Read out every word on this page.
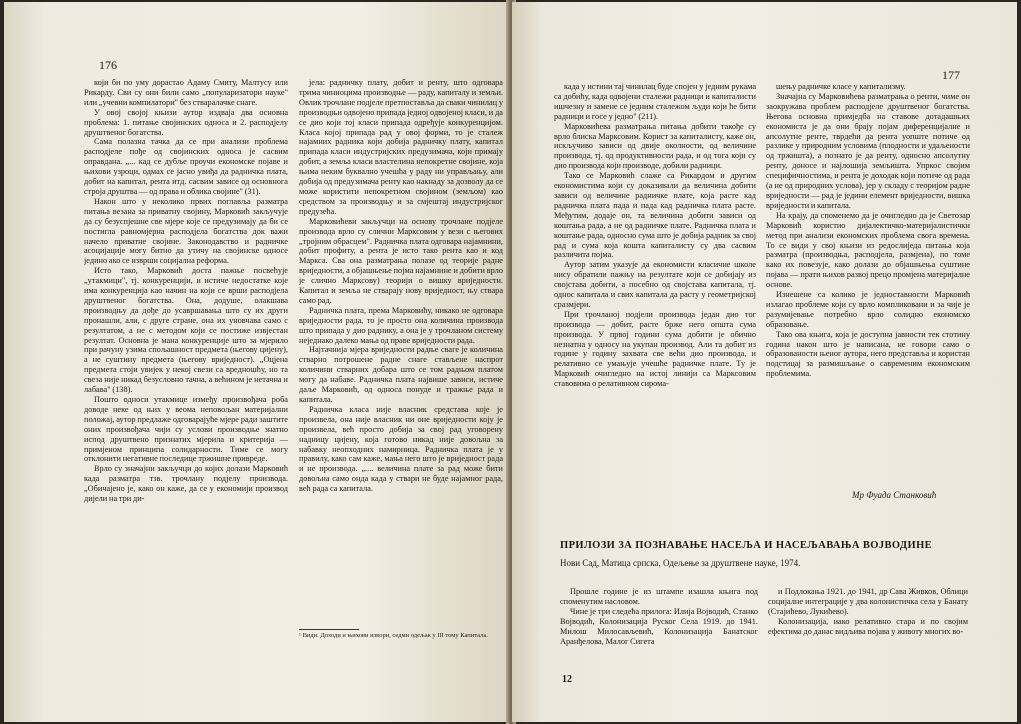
176

који би по уму дорастао Адаму Смиту, Малтусу или Рикарду. Сви су они били само „популаризатори науке" или „учевни компилатори" без стваралачке снаге.

У овој својој књизи аутор издваја два основна проблема: 1. питање својинских односа и 2. расподјелу друштвеног богатства.

Сама полазна тачка да се при анализи проблема расподјеле пође од својинских односа је сасвим оправдана. „... кад се дубље проучи економске појаве и њихови узроци, одмах се јасно увиђа да радничка плата, добит на капитал, рента итд. сасвим зависе од основнога строја друштва — од права и облика својине" (31).

Након што у неколико првих поглавља разматра питања везана за приватну својину, Марковић закључује да су безуспјешне све мјере које се предузимају да би се постигла равномјерна расподјела богатства док важи начело приватне својине. Законодавство и радничке асоцијације могу битно да утичу на својинске односе једино ако се изврши социјална реформа.

Исто тако, Марковић доста пажње посвећује „утакмици", тј. конкуренцији, и истиче недостатке које има конкуренција као начин на који се врши расподјела друштвеног богатства. Она, додуше, олакшава производњу да дође до усавршавања што су их други пронашли, али, с друге стране, она их уновчава само с резултатом, а не с методом који се постиже извјестан резултат. Основна је мана конкуренције што за мјерило при рачуну узима спољашност предмета (његову цијену), а не суштину предмета (његову вриједност). „Оцјена предмета стоји увијек у некој свези са вредношћу, но та свеза није никад безусловно тачна, а већином је нетачна и лабава" (138).

Пошто односи утакмице између произвођача роба доводе неке од њих у веома неповољан материјални положај, аутор предлаже одговарајуће мјере ради заштите оних произвођача чији су услови производње знатно испод друштвено признатих мјерила и критерија — примјеном принципа солидарности. Тиме се могу отклонити негативне последице тржишне привреде.

Врло су значајни закључци до којих долази Марковић када разматра тзв. трочлану подјелу производа. „Обичајено је, како он каже, да се у економији производ дијели на три ди-

јела: радничку плату, добит и ренту, што одговара трима чиниоцима производње — раду, капиталу и земљи. Овлик трочлане подјеле претпоставља да сваки чинилац у производњи одвојено припада једној одвојеној класи, и да се дио који тој класи припада одређује конкуренцијом. Класа којој припада рад у овој форми, то је сталеж најамних радника који добија радничку плату, капитал припада класи индустријских предузимача, који примају добит, а земља класи властелина непокретне својине, која њима неким буквално учешћа у раду ни управљању, али добија од предузимача ренту као накнаду за дозволу да се може користити непокретном својином (земљом) као средством за производњу и за смјештај индустријског предузећа.

Марковићеви закључци на основу трочлане подјеле производа врло су слични Марксовим у вези с његових „тројним обрасцем". Радничка плата одговара најамнини, добит профиту, а рента је исто тако рента као и код Маркса. Сва она разматрања полазе од теорије радне вриједности, а објашњење појма најамнине и добити врло је слично Марксову) теорији о вишку вриједности. Капитал и земља не стварају нову вриједност, њу ствара само рад.

Радничка плата, према Марковићу, никако не одговара вриједности рада, то је просто она количина производа што припада у дио раднику, а она је у трочланом систему неједнако далеко мања од праве вриједности рада.

Најтачнија мјера вриједности радње сваге је количина стварно потрошене радне снаге стављене наспрот количини стварних добара што се том радњом платом могу да набаве. Радничка плата највише зависи, истиче даље Марковић, од односа понуде и тражње рада и капитала.

Радничка класа није власник средстава које је произвела, она није власник ни оне вриједности коју је произвела, већ просто добија за свој рад уговорену надницу цијену, која готово никад није довољна за набавку неопходних намирница. Радничка плата је у правилу, како сам каже, мања него што је вриједност рада и не производа. „.... величина плате за рад може бити довољна само онда када у ствари не буде најамног рада, већ рада са капитала.

¹ Види. Доходи и њихови извори, седми одељак у III тому Капитала.
177

када у истини тај чинилац буде спојен у једним рукама са добићу, када одвојени сталежи радници и капиталисти ишчезну и замене се једним сталежом људи који ће бити радници и госе у једно" (211).

Марковићева разматрања питања добити такође су врло блиска Марксовим. Корист за капиталисту, каже он, искључиво зависи од двије околности, од величине производа, тј. од продуктивности рада, и од тога који су дио производа који производе, добили радници.

Тако се Марковић слаже са Рикардом и другим економистима који су доказивали да величина добити зависи од величине радничке плате, која расте кад радничка плата пада и пада кад радничка плата расте. Међутим, додаје он, та величина добити зависи од коштања рада, а не од радничке плате. Радничка плата и коштање рада, односно сума што је добија радник за свој рад и сума која кошта капиталисту су два сасвим различита појма.

Аутор затим указује да економисти класичне школе нису обратили пажњу на резултате који се добијају из својстава добити, а посебно од својстава капитала, тј. однос капитала и свих капитала да расту у геометријској сразмјери.

При трочланој подјели производа један дио тог производа — добит, расте брже него општа сума производа. У првој години сума добити је обично незнатна у односу на укупан производ. Али та добит из године у годину захвата све већи дио производа, и релативно се умањује учешће радничке плате. Ту је Марковић очигледно на истој линији са Марксовим ставовима о релативном сирома-

шењу радничке класе у капитализму.

Значајна су Марковићева разматрања о ренти, чиме он заокружава проблем расподјеле друштвеног богатства. Његова основна примједба на ставове дотадашњих економиста је да они брају појам диференцијалне и апсолутне ренте, тврдећи да рента уопште потиче од разлике у природним условима (плодности и удаљености од тржишта), а познато је да ренту, односно апсолутну ренту, доносе и најлошија земљишта. Упркос својим специфичностима, и рента је доходак који потиче од рада (а не од природних услова), јер у складу с теоријом радне вриједности — рад је једини елемент вриједности, вишка вриједности и капитала.

На крају, да споменемо да је очигледно да је Светозар Марковић користио дијалектичко-материјалистички метод при анализи економских проблема свога времена. То се види у свој књизи из редослиједа питања која разматра (производња, расподјела, размјена), по томе како их повезује, како долази до објашњења суштине појава — прати њихов развој прецо промјена материјалне основе.

Изнешене са колико је једноставности Марковић излагао проблеме који су врло компликовани и за чије је разумијевање потребно врло солидно економско образовање.

Тако ова књига, која је доступна јавности тек стотину година након што је написана, не говори само о образованости њеног аутора, него представља и користан подстицај за размишљање о савременим економским проблемима.

Мр Фуада Станковић
ПРИЛОЗИ ЗА ПОЗНАВАЊЕ НАСЕЉА И НАСЕЉАВАЊА ВОЈВОДИНЕ
Нови Сад, Матица српска, Одељење за друштвене науке, 1974.

Прошле године је из штампе изашла књига под споменутим насловом.

Чине је три следећа прилога: Илија Војводић, Станко Војводић, Колонизација Руског Села 1919. до 1941. Милош Милосављевић, Колонизација Банатског Аранђелова, Малог Сигета

и Подлокања 1921. до 1941, др Сава Живков, Облици социјалне интеграције у два колонистичка села у Банату (Стајићево, Лукићево).

Колонизација, иако релативно стара и по својим ефектима до данас видљива појава у животу многих во-

12
